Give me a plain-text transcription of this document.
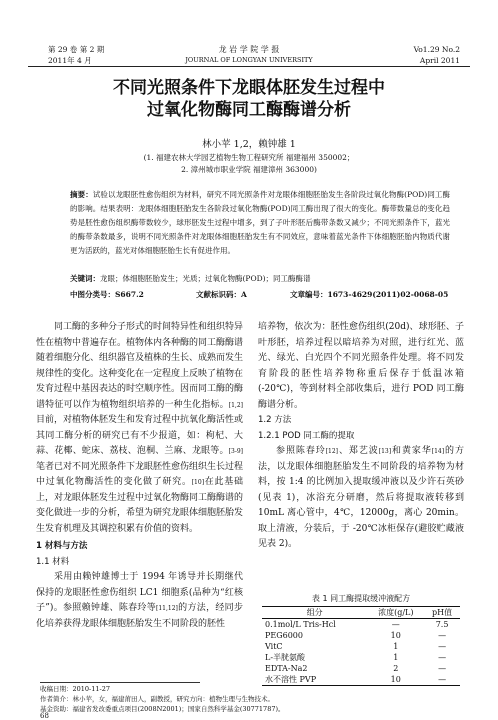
第 29 卷 第 2 期
2011年 4 月
龙 岩 学 院 学 报
JOURNAL OF LONGYAN UNIVERSITY
Vo1.29 No.2
April 2011
不同光照条件下龙眼体胚发生过程中
过氧化物酶同工酶酶谱分析
林小苹 1,2，赖钟雄 1
(1. 福建农林大学园艺植物生物工程研究所 福建福州 350002；
2. 漳州城市职业学院 福建漳州 363000)
摘要：试验以龙眼胚性愈伤组织为材料，研究不同光照条件对龙眼体细胞胚胎发生各阶段过氧化物酶(POD)同工酶的影响。结果表明：龙眼体细胞胚胎发生各阶段过氧化物酶(POD)同工酶出现了很大的变化。酶带数量总的变化趋势是胚性愈伤组织酶带数较少，球形胚发生过程中增多，到了子叶形胚后酶带条数又减少；不同光照条件下，蓝光的酶带条数最多，说明不同光照条件对龙眼体细胞胚胎发生有不同效应，意味着蓝光条件下体细胞胚胎内物质代谢更为活跃的，蓝光对体细胞胚胎生长有促进作用。
关键词：龙眼；体细胞胚胎发生；光质；过氧化物酶(POD)；同工酶酶谱
中图分类号：S667.2	文献标识码：A	文章编号：1673-4629(2011)02-0068-05

同工酶的多种分子形式的时间特异性和组织特异性在植物中普遍存在。植物体内各种酶的同工酶酶谱随着细胞分化、组织器官及植株的生长、成熟而发生规律性的变化。这种变化在一定程度上反映了植物在发育过程中基因表达的时空顺序性。因而同工酶的酶谱特征可以作为植物组织培养的一种生化指标。[1,2]目前，对植物体胚发生和发育过程中抗氧化酶活性或其同工酶分析的研究已有不少报道，如：枸杞、大蒜、花椰、蛇床、荔枝、泡桐、兰麻、龙眼等。[3-9]笔者已对不同光照条件下龙眼胚性愈伤组织生长过程中过氧化物酶活性的变化做了研究。[10]在此基础上，对龙眼体胚发生过程中过氧化物酶同工酶酶谱的变化做进一步的分析，希望为研究龙眼体细胞胚胎发生发育机理及其调控积累有价值的资料。

1 材料与方法
1.1 材料

采用由赖钟雄博士于 1994 年诱导并长期继代保持的龙眼胚性愈伤组织 LC1 细胞系(品种为“红核子”)。参照赖钟雄、陈春玲等[11,12]的方法，经同步化培养获得龙眼体细胞胚胎发生不同阶段的胚性

培养物，依次为：胚性愈伤组织(20d)、球形胚、子叶形胚，培养过程以暗培养为对照，进行红光、蓝光、绿光、白光四个不同光照条件处理。将不同发育阶段的胚性培养物称重后保存于低温冰箱(-20℃)，等到材料全部收集后，进行 POD 同工酶酶谱分析。
1.2 方法
1.2.1 POD 同工酶的提取

参照陈春玲[12]、郑艺波[13]和黄家华[14]的方法，以龙眼体细胞胚胎发生不同阶段的培养物为材料，按 1:4 的比例加入提取缓冲液以及少许石英砂(见表 1)，冰浴充分研磨，然后将提取液转移到 10mL 离心管中，4℃，12000g，离心 20min。取上清液，分装后，于 -20℃冰柜保存(避胶贮藏液见表 2)。

表 1 同工酶提取缓冲液配方
组分	浓度(g/L)	pH值
0.1mol/L Tris-Hcl	—	7.5
PEG6000	10	—
VitC	1	—
L-半胱氨酸	1	—
EDTA-Na2	2	—
水不溶性 PVP	10	—
收稿日期：2010-11-27
作者简介：林小苹，女，福建莆田人，副教授，研究方向：植物生理与生物技术。
基金资助：福建省发改委重点项目(2008N2001)；国家自然科学基金(30771787)。
68
